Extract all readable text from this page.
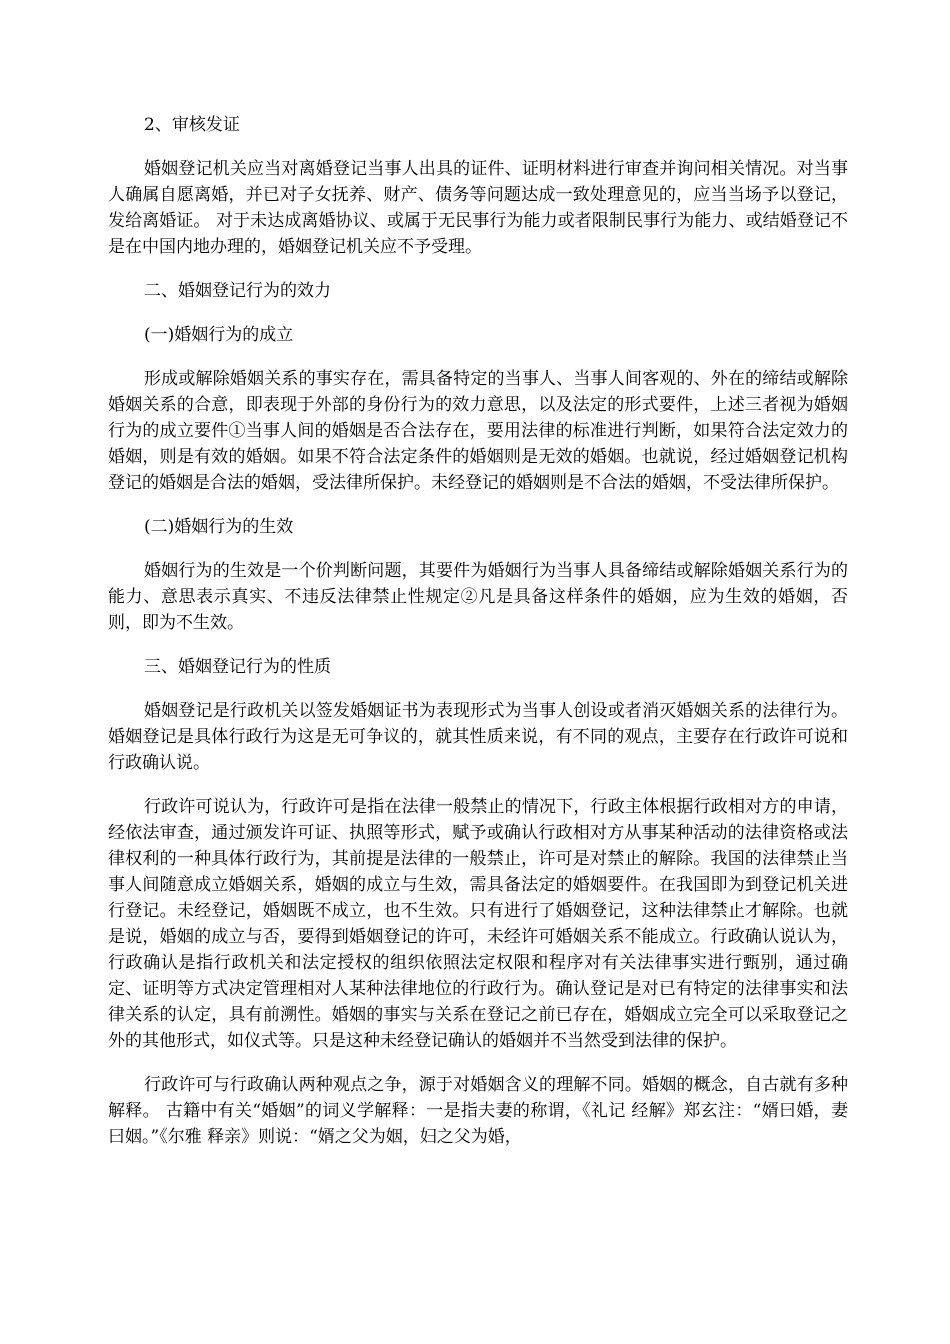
2、审核发证

婚姻登记机关应当对离婚登记当事人出具的证件、证明材料进行审查并询问相关情况。对当事人确属自愿离婚，并已对子女抚养、财产、债务等问题达成一致处理意见的，应当当场予以登记，发给离婚证。 对于未达成离婚协议、或属于无民事行为能力或者限制民事行为能力、或结婚登记不是在中国内地办理的，婚姻登记机关应不予受理。

二、婚姻登记行为的效力

(一)婚姻行为的成立

形成或解除婚姻关系的事实存在，需具备特定的当事人、当事人间客观的、外在的缔结或解除婚姻关系的合意，即表现于外部的身份行为的效力意思，以及法定的形式要件，上述三者视为婚姻行为的成立要件①当事人间的婚姻是否合法存在，要用法律的标准进行判断，如果符合法定效力的婚姻，则是有效的婚姻。如果不符合法定条件的婚姻则是无效的婚姻。也就说，经过婚姻登记机构登记的婚姻是合法的婚姻，受法律所保护。未经登记的婚姻则是不合法的婚姻，不受法律所保护。

(二)婚姻行为的生效

婚姻行为的生效是一个价判断问题，其要件为婚姻行为当事人具备缔结或解除婚姻关系行为的能力、意思表示真实、不违反法律禁止性规定②凡是具备这样条件的婚姻，应为生效的婚姻，否则，即为不生效。

三、婚姻登记行为的性质

婚姻登记是行政机关以签发婚姻证书为表现形式为当事人创设或者消灭婚姻关系的法律行为。婚姻登记是具体行政行为这是无可争议的，就其性质来说，有不同的观点，主要存在行政许可说和行政确认说。

行政许可说认为，行政许可是指在法律一般禁止的情况下，行政主体根据行政相对方的申请，经依法审查，通过颁发许可证、执照等形式，赋予或确认行政相对方从事某种活动的法律资格或法律权利的一种具体行政行为，其前提是法律的一般禁止，许可是对禁止的解除。我国的法律禁止当事人间随意成立婚姻关系，婚姻的成立与生效，需具备法定的婚姻要件。在我国即为到登记机关进行登记。未经登记，婚姻既不成立，也不生效。只有进行了婚姻登记，这种法律禁止才解除。也就是说，婚姻的成立与否，要得到婚姻登记的许可，未经许可婚姻关系不能成立。行政确认说认为，行政确认是指行政机关和法定授权的组织依照法定权限和程序对有关法律事实进行甄别，通过确定、证明等方式决定管理相对人某种法律地位的行政行为。确认登记是对已有特定的法律事实和法律关系的认定，具有前溯性。婚姻的事实与关系在登记之前已存在，婚姻成立完全可以采取登记之外的其他形式，如仪式等。只是这种未经登记确认的婚姻并不当然受到法律的保护。

行政许可与行政确认两种观点之争，源于对婚姻含义的理解不同。婚姻的概念，自古就有多种解释。 古籍中有关“婚姻”的词义学解释：一是指夫妻的称谓，《礼记 经解》郑玄注：“婿曰婚，妻曰姻。”《尔雅 释亲》则说：“婿之父为姻，妇之父为婚，
